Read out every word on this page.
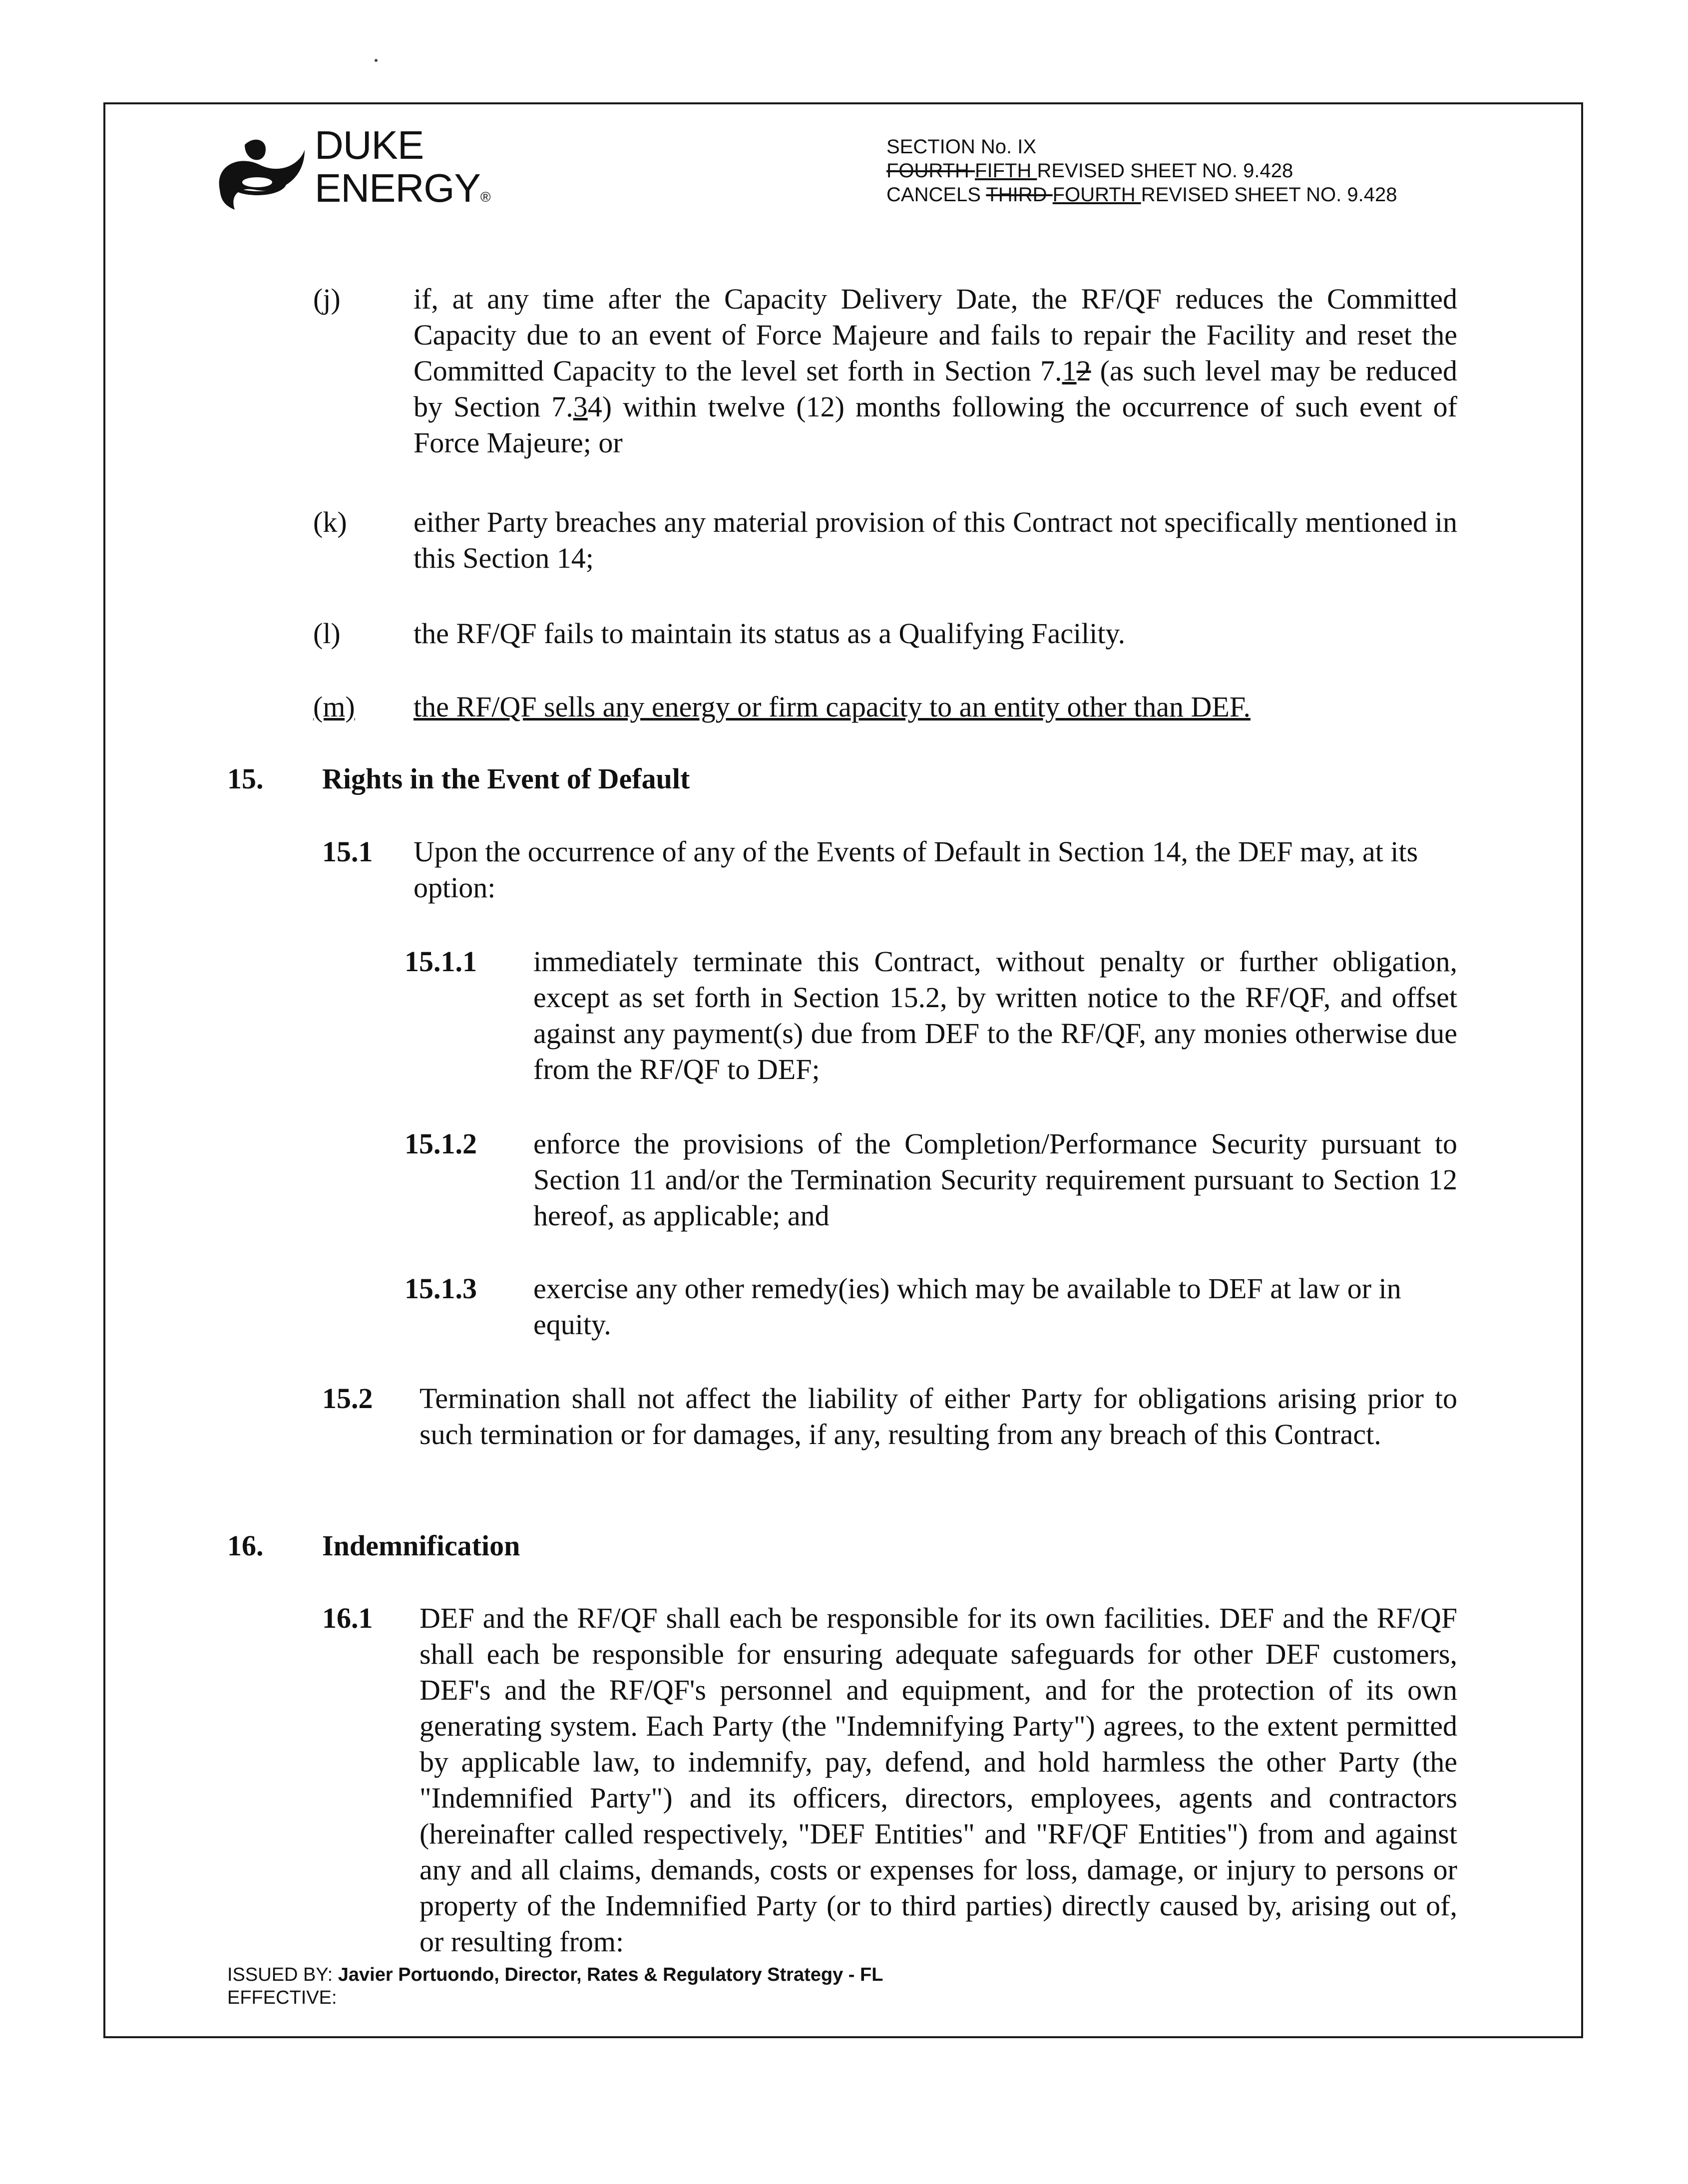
DUKE
ENERGY®
SECTION No. IX
FOURTH FIFTH REVISED SHEET NO. 9.428
CANCELS THIRD FOURTH REVISED SHEET NO. 9.428
(j)	if, at any time after the Capacity Delivery Date, the RF/QF reduces the Committed Capacity due to an event of Force Majeure and fails to repair the Facility and reset the Committed Capacity to the level set forth in Section 7.12 (as such level may be reduced by Section 7.34) within twelve (12) months following the occurrence of such event of Force Majeure; or
(k) either Party breaches any material provision of this Contract not specifically mentioned in this Section 14;
(l)	the RF/QF fails to maintain its status as a Qualifying Facility.
(m)	the RF/QF sells any energy or firm capacity to an entity other than DEF.
15. Rights in the Event of Default
15.1 Upon the occurrence of any of the Events of Default in Section 14, the DEF may, at its option:
15.1.1 immediately terminate this Contract, without penalty or further obligation, except as set forth in Section 15.2, by written notice to the RF/QF, and offset against any payment(s) due from DEF to the RF/QF, any monies otherwise due from the RF/QF to DEF;
15.1.2 enforce the provisions of the Completion/Performance Security pursuant to Section 11 and/or the Termination Security requirement pursuant to Section 12 hereof, as applicable; and
15.1.3 exercise any other remedy(ies) which may be available to DEF at law or in equity.
15.2 Termination shall not affect the liability of either Party for obligations arising prior to such termination or for damages, if any, resulting from any breach of this Contract.
16. Indemnification
16.1 DEF and the RF/QF shall each be responsible for its own facilities. DEF and the RF/QF shall each be responsible for ensuring adequate safeguards for other DEF customers, DEF's and the RF/QF's personnel and equipment, and for the protection of its own generating system. Each Party (the "Indemnifying Party") agrees, to the extent permitted by applicable law, to indemnify, pay, defend, and hold harmless the other Party (the "Indemnified Party") and its officers, directors, employees, agents and contractors (hereinafter called respectively, "DEF Entities" and "RF/QF Entities") from and against any and all claims, demands, costs or expenses for loss, damage, or injury to persons or property of the Indemnified Party (or to third parties) directly caused by, arising out of, or resulting from:
ISSUED BY: Javier Portuondo, Director, Rates & Regulatory Strategy - FL
EFFECTIVE:
